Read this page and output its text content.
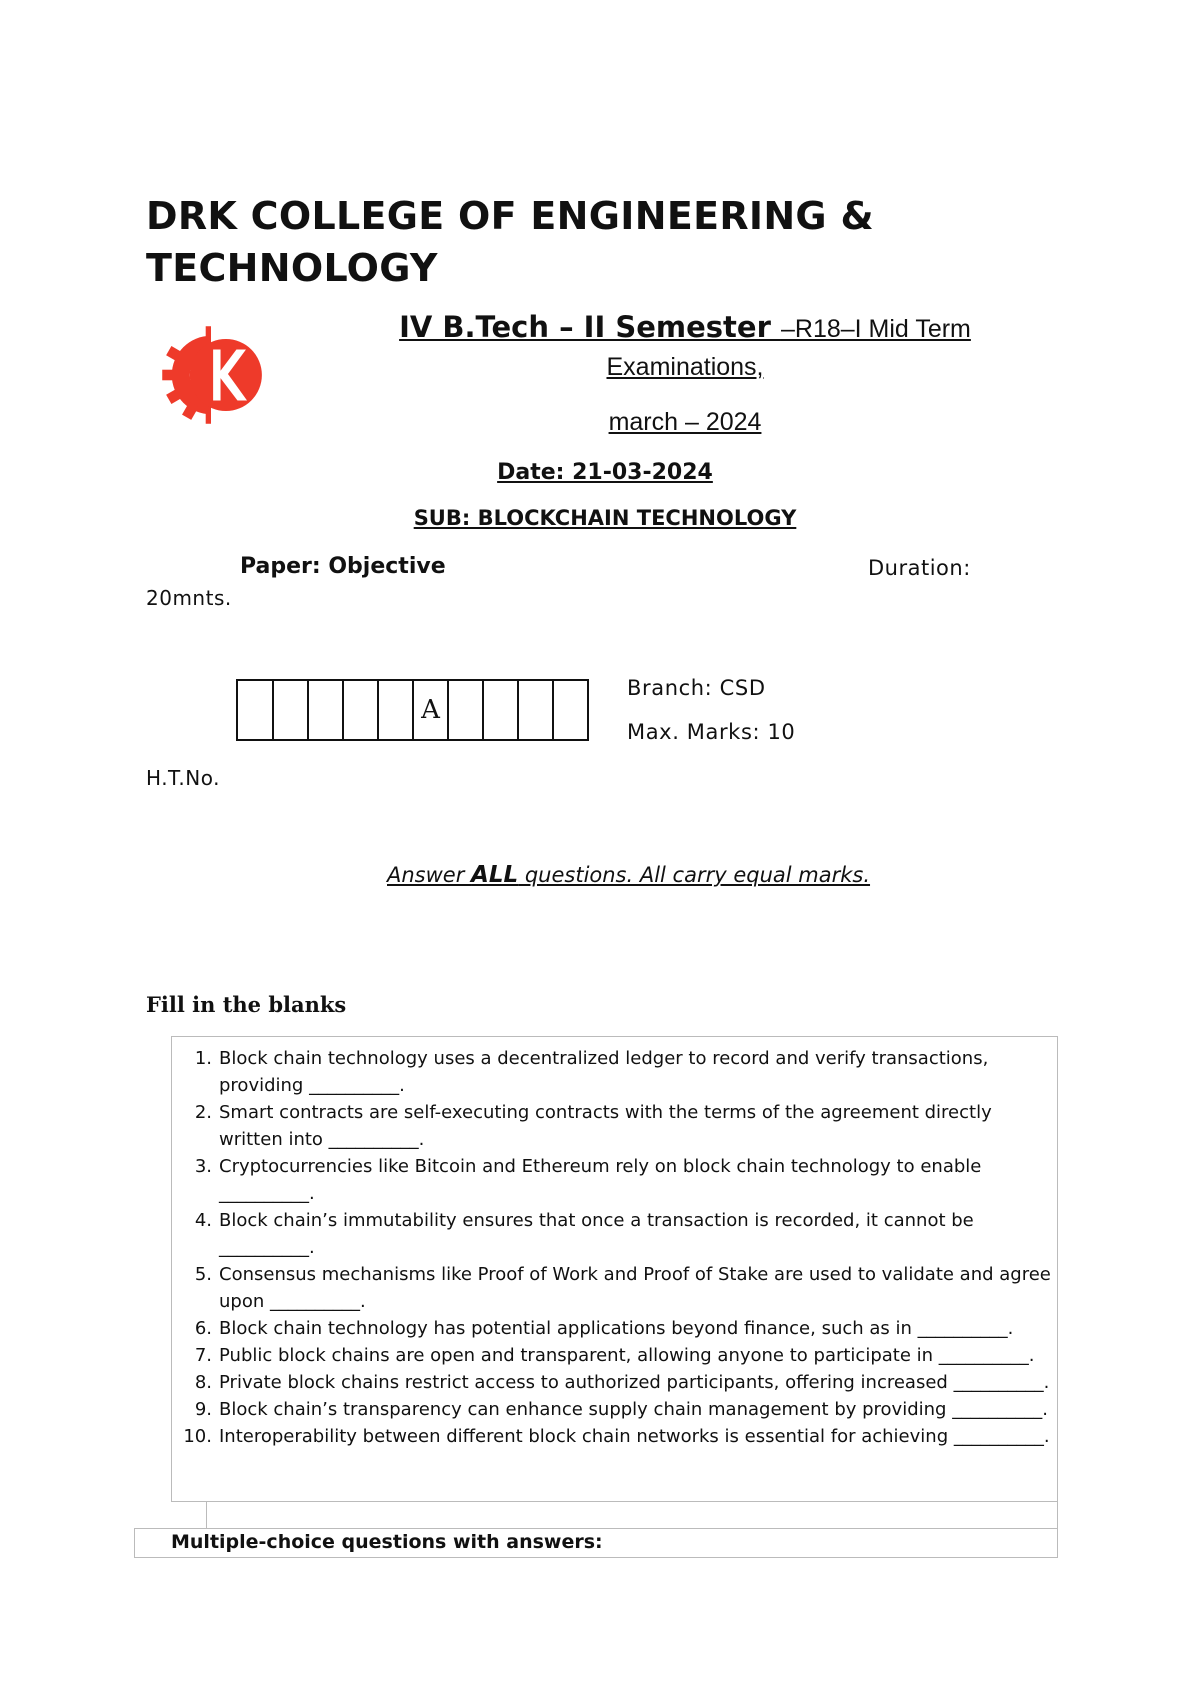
DRK COLLEGE OF ENGINEERING & TECHNOLOGY
IV B.Tech – II Semester –R18–I Mid Term
Examinations,
march – 2024
Date: 21-03-2024
SUB: BLOCKCHAIN TECHNOLOGY
Paper: Objective	Duration:
20mnts.
A
Branch: CSD
Max. Marks: 10
H.T.No.
Answer ALL questions. All carry equal marks.
Fill in the blanks
1. Block chain technology uses a decentralized ledger to record and verify transactions, providing __________.
2. Smart contracts are self-executing contracts with the terms of the agreement directly written into __________.
3. Cryptocurrencies like Bitcoin and Ethereum rely on block chain technology to enable __________.
4. Block chain’s immutability ensures that once a transaction is recorded, it cannot be __________.
5. Consensus mechanisms like Proof of Work and Proof of Stake are used to validate and agree upon __________.
6. Block chain technology has potential applications beyond finance, such as in __________.
7. Public block chains are open and transparent, allowing anyone to participate in __________.
8. Private block chains restrict access to authorized participants, offering increased __________.
9. Block chain’s transparency can enhance supply chain management by providing __________.
10. Interoperability between different block chain networks is essential for achieving __________.
Multiple-choice questions with answers:
